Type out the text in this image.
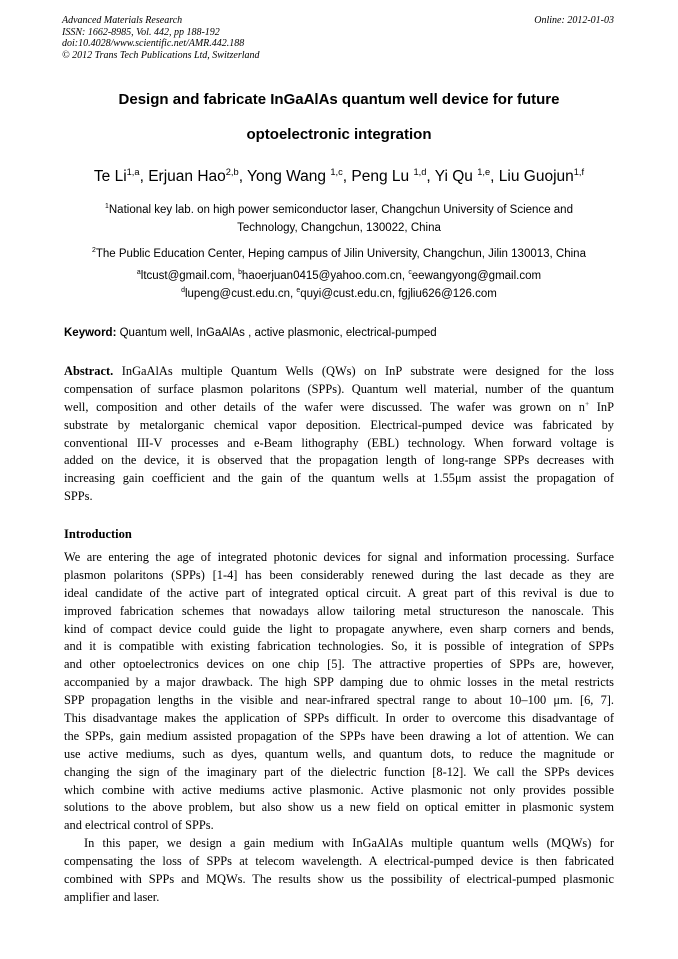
Advanced Materials Research
ISSN: 1662-8985, Vol. 442, pp 188-192
doi:10.4028/www.scientific.net/AMR.442.188
© 2012 Trans Tech Publications Ltd, Switzerland
Online: 2012-01-03
Design and fabricate InGaAlAs quantum well device for future
optoelectronic integration
Te Li$^{1,a}$, Erjuan Hao$^{2,b}$, Yong Wang $^{1,c}$, Peng Lu $^{1,d}$, Yi Qu $^{1,e}$, Liu Guojun$^{1,f}$
$^1$National key lab. on high power semiconductor laser, Changchun University of Science and
Technology, Changchun, 130022, China
$^2$The Public Education Center, Heping campus of Jilin University, Changchun, Jilin 130013, China
$^a$ltcust@gmail.com, $^b$haoerjuan0415@yahoo.com.cn, $^c$eewangyong@gmail.com
$^d$lupeng@cust.edu.cn, $^e$quyi@cust.edu.cn, fgjliu626@126.com
Keyword: Quantum well, InGaAlAs , active plasmonic, electrical-pumped
Abstract. InGaAlAs multiple Quantum Wells (QWs) on InP substrate were designed for the loss
compensation of surface plasmon polaritons (SPPs). Quantum well material, number of the quantum
well, composition and other details of the wafer were discussed. The wafer was grown on n+ InP
substrate by metalorganic chemical vapor deposition. Electrical-pumped device was fabricated by
conventional III-V processes and e-Beam lithography (EBL) technology. When forward voltage is
added on the device, it is observed that the propagation length of long-range SPPs decreases with
increasing gain coefficient and the gain of the quantum wells at 1.55μm assist the propagation of
SPPs.
Introduction
We are entering the age of integrated photonic devices for signal and information processing. Surface
plasmon polaritons (SPPs) [1-4] has been considerably renewed during the last decade as they are
ideal candidate of the active part of integrated optical circuit. A great part of this revival is due to
improved fabrication schemes that nowadays allow tailoring metal structureson the nanoscale. This
kind of compact device could guide the light to propagate anywhere, even sharp corners and bends,
and it is compatible with existing fabrication technologies. So, it is possible of integration of SPPs
and other optoelectronics devices on one chip [5]. The attractive properties of SPPs are, however,
accompanied by a major drawback. The high SPP damping due to ohmic losses in the metal restricts
SPP propagation lengths in the visible and near-infrared spectral range to about 10–100 μm. [6, 7].
This disadvantage makes the application of SPPs difficult. In order to overcome this disadvantage of
the SPPs, gain medium assisted propagation of the SPPs have been drawing a lot of attention. We can
use active mediums, such as dyes, quantum wells, and quantum dots, to reduce the magnitude or
changing the sign of the imaginary part of the dielectric function [8-12]. We call the SPPs devices
which combine with active mediums active plasmonic. Active plasmonic not only provides possible
solutions to the above problem, but also show us a new field on optical emitter in plasmonic system
and electrical control of SPPs.
In this paper, we design a gain medium with InGaAlAs multiple quantum wells (MQWs) for
compensating the loss of SPPs at telecom wavelength. A electrical-pumped device is then fabricated
combined with SPPs and MQWs. The results show us the possibility of electrical-pumped plasmonic
amplifier and laser.
